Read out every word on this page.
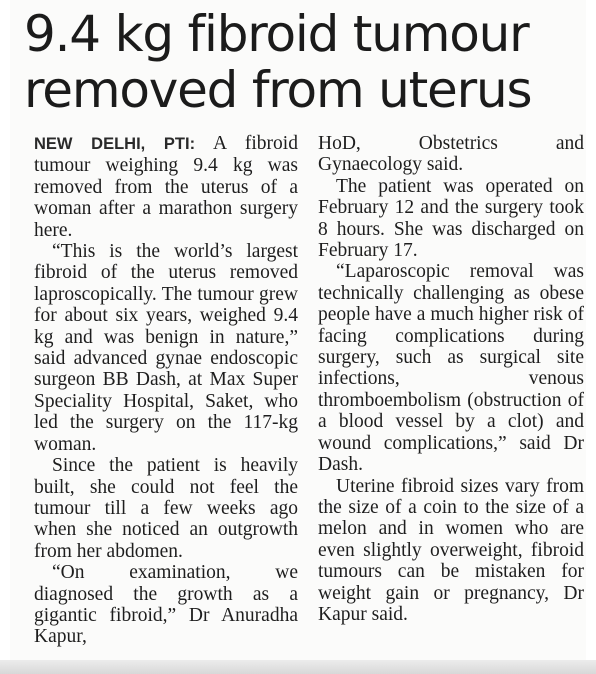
9.4 kg fibroid tumour removed from uterus

NEW DELHI, PTI: A fibroid tumour weighing 9.4 kg was removed from the uterus of a woman after a marathon surgery here.

“This is the world’s largest fibroid of the uterus removed laproscopically. The tumour grew for about six years, weighed 9.4 kg and was benign in nature,” said advanced gynae endoscopic surgeon BB Dash, at Max Super Speciality Hospital, Saket, who led the surgery on the 117-kg woman.

Since the patient is heavily built, she could not feel the tumour till a few weeks ago when she noticed an outgrowth from her abdomen.

“On examination, we diagnosed the growth as a gigantic fibroid,” Dr Anuradha Kapur,

HoD, Obstetrics and Gynaecology said.

The patient was operated on February 12 and the surgery took 8 hours. She was discharged on February 17.

“Laparoscopic removal was technically challenging as obese people have a much higher risk of facing complications during surgery, such as surgical site infections, venous thromboembolism (obstruction of a blood vessel by a clot) and wound complications,” said Dr Dash.

Uterine fibroid sizes vary from the size of a coin to the size of a melon and in women who are even slightly overweight, fibroid tumours can be mistaken for weight gain or pregnancy, Dr Kapur said.
